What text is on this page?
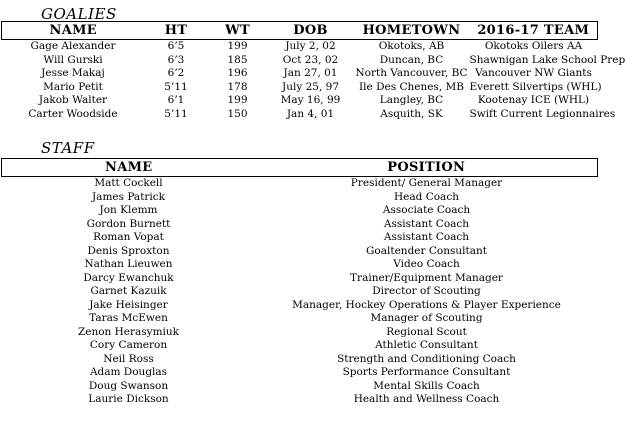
GOALIES
NAME	HT	WT	DOB	HOMETOWN	2016-17 TEAM
Gage Alexander	6’5	199	July 2, 02	Okotoks, AB	Okotoks Oilers AA
Will Gurski	6’3	185	Oct 23, 02	Duncan, BC	Shawnigan Lake School Prep
Jesse Makaj	6’2	196	Jan 27, 01	North Vancouver, BC	Vancouver NW Giants
Mario Petit	5’11	178	July 25, 97	Ile Des Chenes, MB	Everett Silvertips (WHL)
Jakob Walter	6’1	199	May 16, 99	Langley, BC	Kootenay ICE (WHL)
Carter Woodside	5’11	150	Jan 4, 01	Asquith, SK	Swift Current Legionnaires
STAFF
NAME	POSITION
Matt Cockell	President/ General Manager
James Patrick	Head Coach
Jon Klemm	Associate Coach
Gordon Burnett	Assistant Coach
Roman Vopat	Assistant Coach
Denis Sproxton	Goaltender Consultant
Nathan Lieuwen	Video Coach
Darcy Ewanchuk	Trainer/Equipment Manager
Garnet Kazuik	Director of Scouting
Jake Heisinger	Manager, Hockey Operations & Player Experience
Taras McEwen	Manager of Scouting
Zenon Herasymiuk	Regional Scout
Cory Cameron	Athletic Consultant
Neil Ross	Strength and Conditioning Coach
Adam Douglas	Sports Performance Consultant
Doug Swanson	Mental Skills Coach
Laurie Dickson	Health and Wellness Coach
